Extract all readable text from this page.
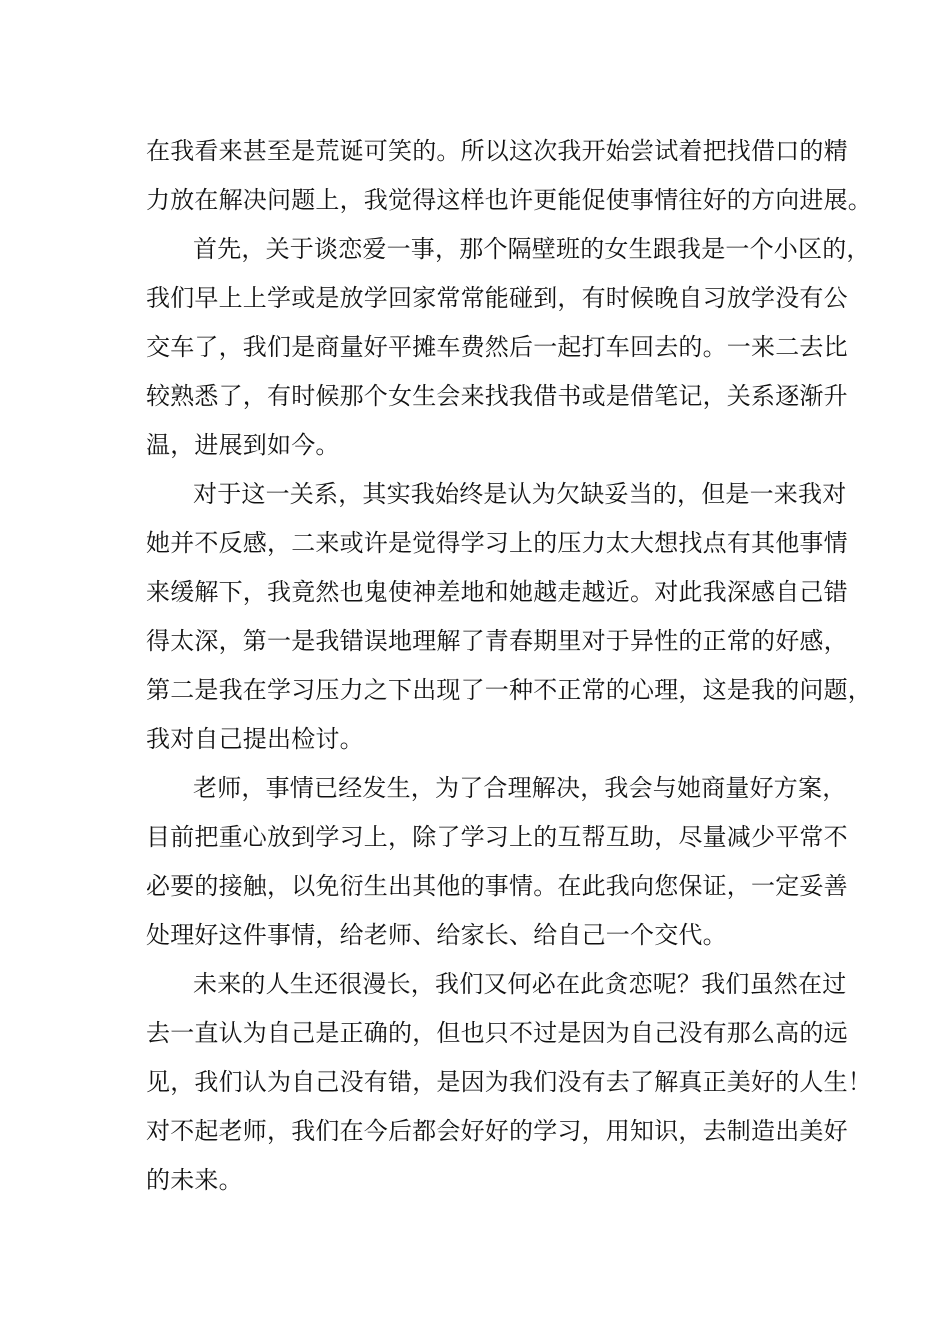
在我看来甚至是荒诞可笑的。所以这次我开始尝试着把找借口的精
力放在解决问题上，我觉得这样也许更能促使事情往好的方向进展。

首先，关于谈恋爱一事，那个隔壁班的女生跟我是一个小区的，
我们早上上学或是放学回家常常能碰到，有时候晚自习放学没有公
交车了，我们是商量好平摊车费然后一起打车回去的。一来二去比
较熟悉了，有时候那个女生会来找我借书或是借笔记，关系逐渐升
温，进展到如今。

对于这一关系，其实我始终是认为欠缺妥当的，但是一来我对
她并不反感，二来或许是觉得学习上的压力太大想找点有其他事情
来缓解下，我竟然也鬼使神差地和她越走越近。对此我深感自己错
得太深，第一是我错误地理解了青春期里对于异性的正常的好感，
第二是我在学习压力之下出现了一种不正常的心理，这是我的问题，
我对自己提出检讨。

老师，事情已经发生，为了合理解决，我会与她商量好方案，
目前把重心放到学习上，除了学习上的互帮互助，尽量减少平常不
必要的接触，以免衍生出其他的事情。在此我向您保证，一定妥善
处理好这件事情，给老师、给家长、给自己一个交代。

未来的人生还很漫长，我们又何必在此贪恋呢？我们虽然在过
去一直认为自己是正确的，但也只不过是因为自己没有那么高的远
见，我们认为自己没有错，是因为我们没有去了解真正美好的人生！
对不起老师，我们在今后都会好好的学习，用知识，去制造出美好
的未来。
